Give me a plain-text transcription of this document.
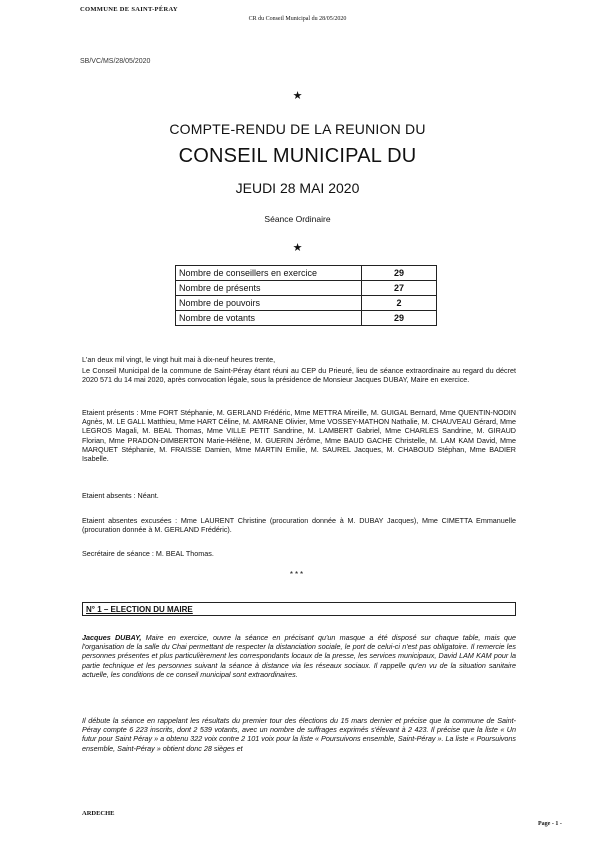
COMMUNE DE SAINT-PÉRAY
CR du Conseil Municipal du 28/05/2020
SB/VC/MS/28/05/2020
★
COMPTE-RENDU DE LA REUNION DU
CONSEIL MUNICIPAL DU
JEUDI 28 MAI 2020
Séance Ordinaire
★
Nombre de conseillers en exercice	29
Nombre de présents	27
Nombre de pouvoirs	2
Nombre de votants	29
L'an deux mil vingt, le vingt huit mai à dix-neuf heures trente,
Le Conseil Municipal de la commune de Saint-Péray étant réuni au CEP du Prieuré, lieu de séance extraordinaire au regard du décret 2020 571 du 14 mai 2020, après convocation légale, sous la présidence de Monsieur Jacques DUBAY, Maire en exercice.
Etaient présents : Mme FORT Stéphanie, M. GERLAND Frédéric, Mme METTRA Mireille, M. GUIGAL Bernard, Mme QUENTIN-NODIN Agnès, M. LE GALL Matthieu, Mme HART Céline, M. AMRANE Olivier, Mme VOSSEY-MATHON Nathalie, M. CHAUVEAU Gérard, Mme LEGROS Magali, M. BEAL Thomas, Mme VILLE PETIT Sandrine, M. LAMBERT Gabriel, Mme CHARLES Sandrine, M. GIRAUD Florian, Mme PRADON-DIMBERTON Marie-Hélène, M. GUERIN Jérôme, Mme BAUD GACHE Christelle, M. LAM KAM David, Mme MARQUET Stéphanie, M. FRAISSE Damien, Mme MARTIN Emilie, M. SAUREL Jacques, M. CHABOUD Stéphan, Mme BADIER Isabelle.
Etaient absents : Néant.
Etaient absentes excusées : Mme LAURENT Christine (procuration donnée à M. DUBAY Jacques), Mme CIMETTA Emmanuelle (procuration donnée à M. GERLAND Frédéric).
Secrétaire de séance : M. BEAL Thomas.
***
N° 1 – ELECTION DU MAIRE
Jacques DUBAY, Maire en exercice, ouvre la séance en précisant qu'un masque a été disposé sur chaque table, mais que l'organisation de la salle du Chai permettant de respecter la distanciation sociale, le port de celui-ci n'est pas obligatoire. Il remercie les personnes présentes et plus particulièrement les correspondants locaux de la presse, les services municipaux, David LAM KAM pour la partie technique et les personnes suivant la séance à distance via les réseaux sociaux. Il rappelle qu'en vu de la situation sanitaire actuelle, les conditions de ce conseil municipal sont extraordinaires.
Il débute la séance en rappelant les résultats du premier tour des élections du 15 mars dernier et précise que la commune de Saint-Péray compte 6 223 inscrits, dont 2 539 votants, avec un nombre de suffrages exprimés s'élevant à 2 423. Il précise que la liste « Un futur pour Saint Péray » a obtenu 322 voix contre 2 101 voix pour la liste « Poursuivons ensemble, Saint-Péray ». La liste « Poursuivons ensemble, Saint-Péray » obtient donc 28 sièges et
ARDECHE
Page - 1 -
